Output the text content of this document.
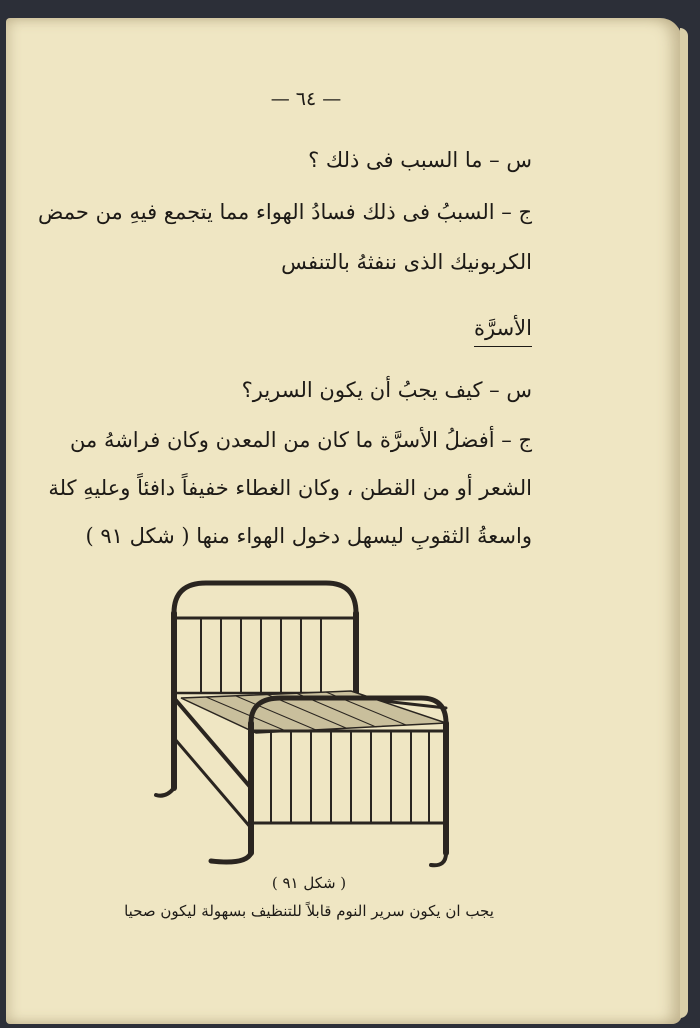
— ٦٤ —
س – ما السبب فى ذلك ؟
ج – السببُ فى ذلك فسادُ الهواء مما يتجمع فيهِ من حمض
الكربونيك الذى ننفثهُ بالتنفس
الأسرَّة
س – كيف يجبُ أن يكون السرير؟
ج – أفضلُ الأسرَّة ما كان من المعدن وكان فراشهُ من
الشعر أو من القطن ، وكان الغطاء خفيفاً دافئاً وعليهِ كلة
واسعةُ الثقوبِ ليسهل دخول الهواء منها ( شكل ٩١ )
( شكل ٩١ )
يجب ان يكون سرير النوم قابلاً للتنظيف بسهولة ليكون صحيا
